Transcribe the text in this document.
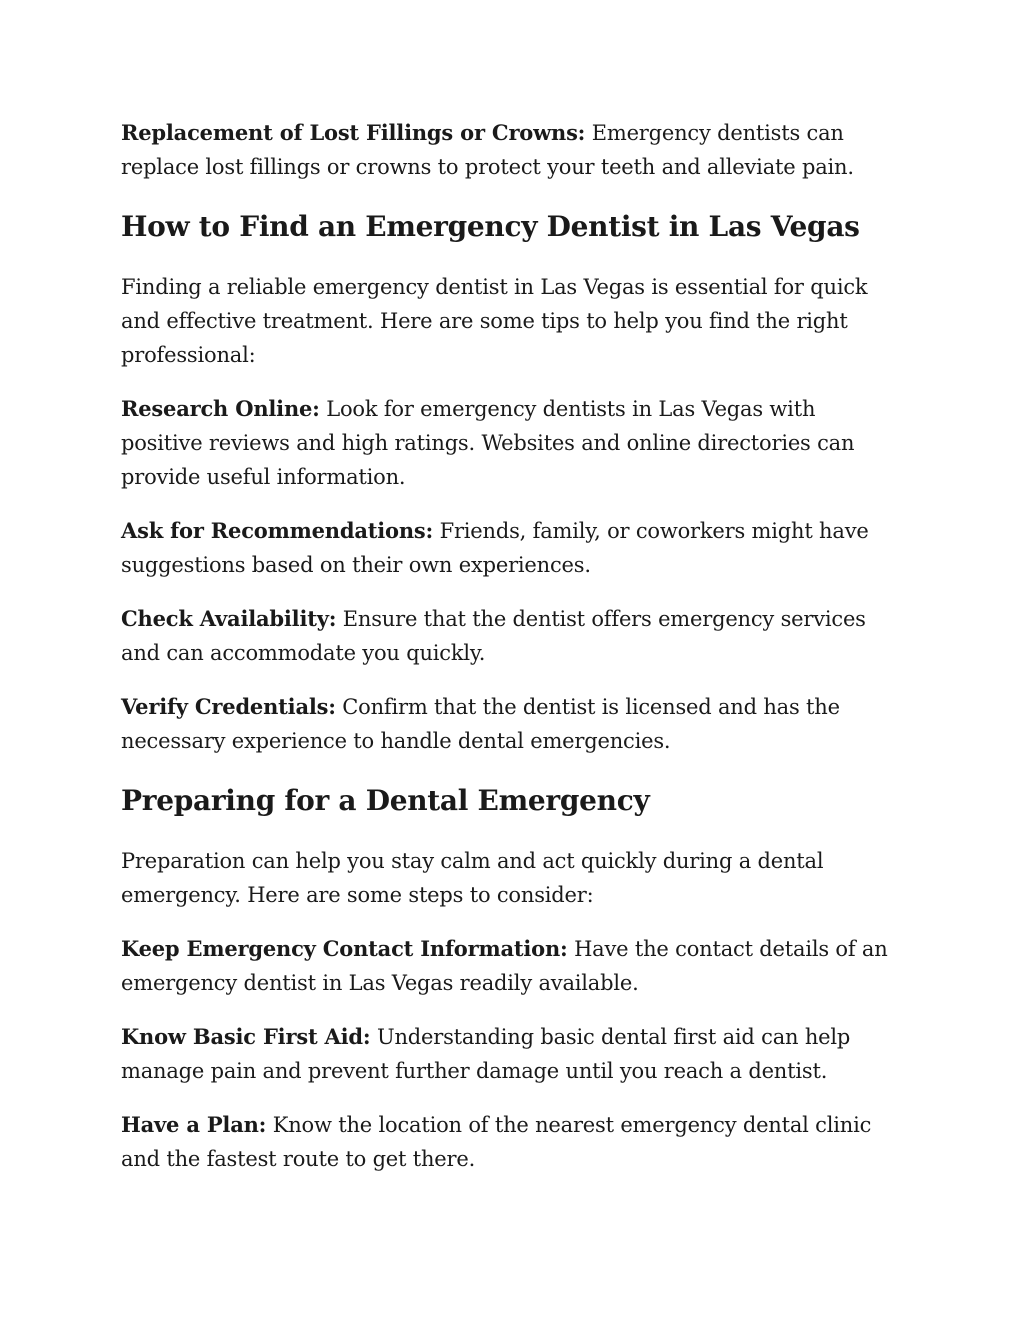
Replacement of Lost Fillings or Crowns: Emergency dentists can replace lost fillings or crowns to protect your teeth and alleviate pain.

How to Find an Emergency Dentist in Las Vegas

Finding a reliable emergency dentist in Las Vegas is essential for quick and effective treatment. Here are some tips to help you find the right professional:

Research Online: Look for emergency dentists in Las Vegas with positive reviews and high ratings. Websites and online directories can provide useful information.

Ask for Recommendations: Friends, family, or coworkers might have suggestions based on their own experiences.

Check Availability: Ensure that the dentist offers emergency services and can accommodate you quickly.

Verify Credentials: Confirm that the dentist is licensed and has the necessary experience to handle dental emergencies.

Preparing for a Dental Emergency

Preparation can help you stay calm and act quickly during a dental emergency. Here are some steps to consider:

Keep Emergency Contact Information: Have the contact details of an emergency dentist in Las Vegas readily available.

Know Basic First Aid: Understanding basic dental first aid can help manage pain and prevent further damage until you reach a dentist.

Have a Plan: Know the location of the nearest emergency dental clinic and the fastest route to get there.
